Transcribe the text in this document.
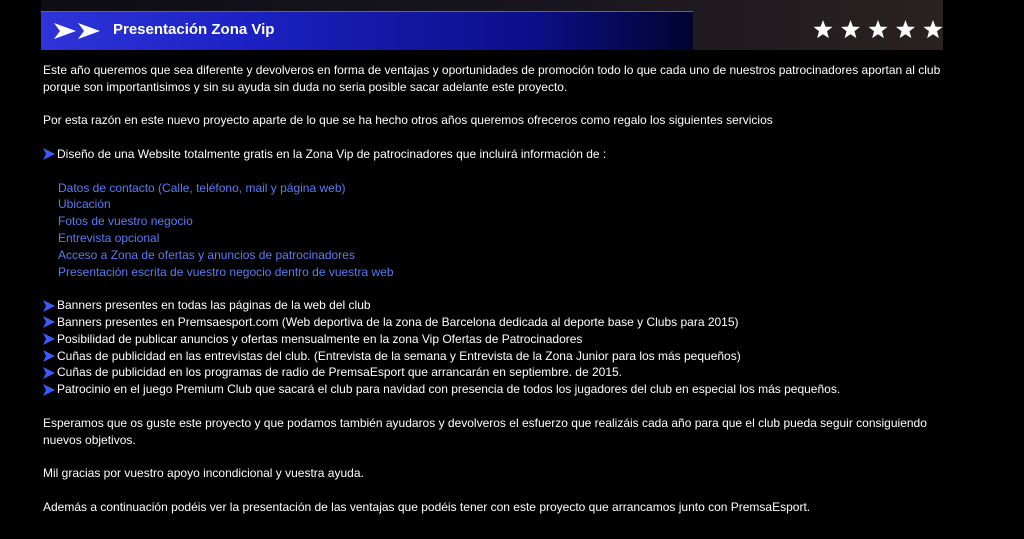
Presentación Zona Vip

Este año queremos que sea diferente y devolveros en forma de ventajas y oportunidades de promoción todo lo que cada uno de nuestros patrocinadores aportan al club porque son importantisimos y sin su ayuda sin duda no seria posible sacar adelante este proyecto.

Por esta razón en este nuevo proyecto aparte de lo que se ha hecho otros años queremos ofreceros como regalo los siguientes servicios

Diseño de una Website totalmente gratis en la Zona Vip de patrocinadores que incluirá información de :
Datos de contacto (Calle, teléfono, mail y página web)
Ubicación
Fotos de vuestro negocio
Entrevista opcional
Acceso a Zona de ofertas y anuncios de patrocinadores
Presentación escrita de vuestro negocio dentro de vuestra web
Banners presentes en todas las páginas de la web del club
Banners presentes en Premsaesport.com (Web deportiva de la zona de Barcelona dedicada al deporte base y Clubs para 2015)
Posibilidad de publicar anuncios y ofertas mensualmente en la zona Vip Ofertas de Patrocinadores
Cuñas de publicidad en las entrevistas del club. (Entrevista de la semana y Entrevista de la Zona Junior para los más pequeños)
Cuñas de publicidad en los programas de radio de PremsaEsport que arrancarán en septiembre. de 2015.
Patrocinio en el juego Premium Club que sacará el club para navidad con presencia de todos los jugadores del club en especial los más pequeños.

Esperamos que os guste este proyecto y que podamos también ayudaros y devolveros el esfuerzo que realizáis cada año para que el club pueda seguir consiguiendo nuevos objetivos.

Mil gracias por vuestro apoyo incondicional y vuestra ayuda.

Además a continuación podéis ver la presentación de las ventajas que podéis tener con este proyecto que arrancamos junto con PremsaEsport.
